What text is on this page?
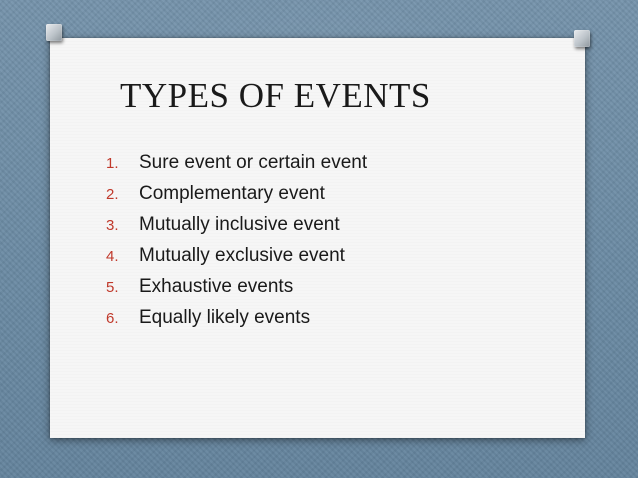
TYPES OF EVENTS
1.	Sure event or certain event
2.	Complementary event
3.	Mutually inclusive event
4.	Mutually exclusive event
5.	Exhaustive events
6.	Equally likely events
